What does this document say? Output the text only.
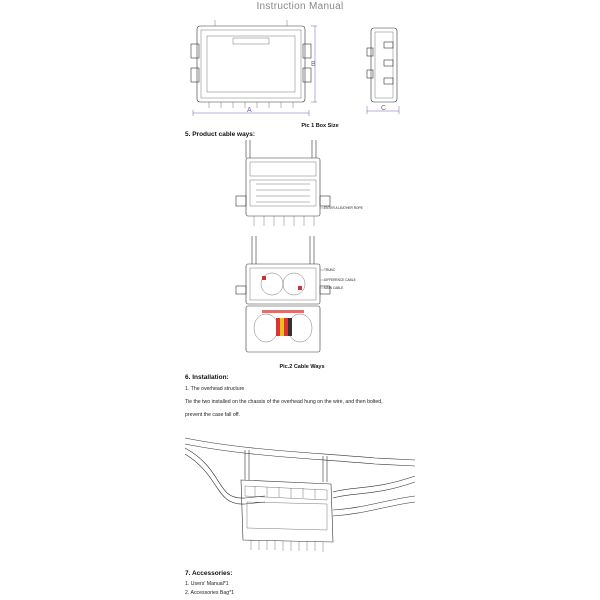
Instruction Manual
A
B
C
Pic 1 Box Size
5. Product cable ways:
ENTER A LEATHER ROPE
TRUNC
DIFFERENCE CABLE
MAIN CABLE
Pic.2 Cable Ways
6. Installation:
1. The overhead structure
Tie the two installed on the chassis of the overhead hung on the wire, and then bolted,
prevent the case fall off.
7. Accessories:
1. Users' Manual*1
2. Accessories Bag*1
